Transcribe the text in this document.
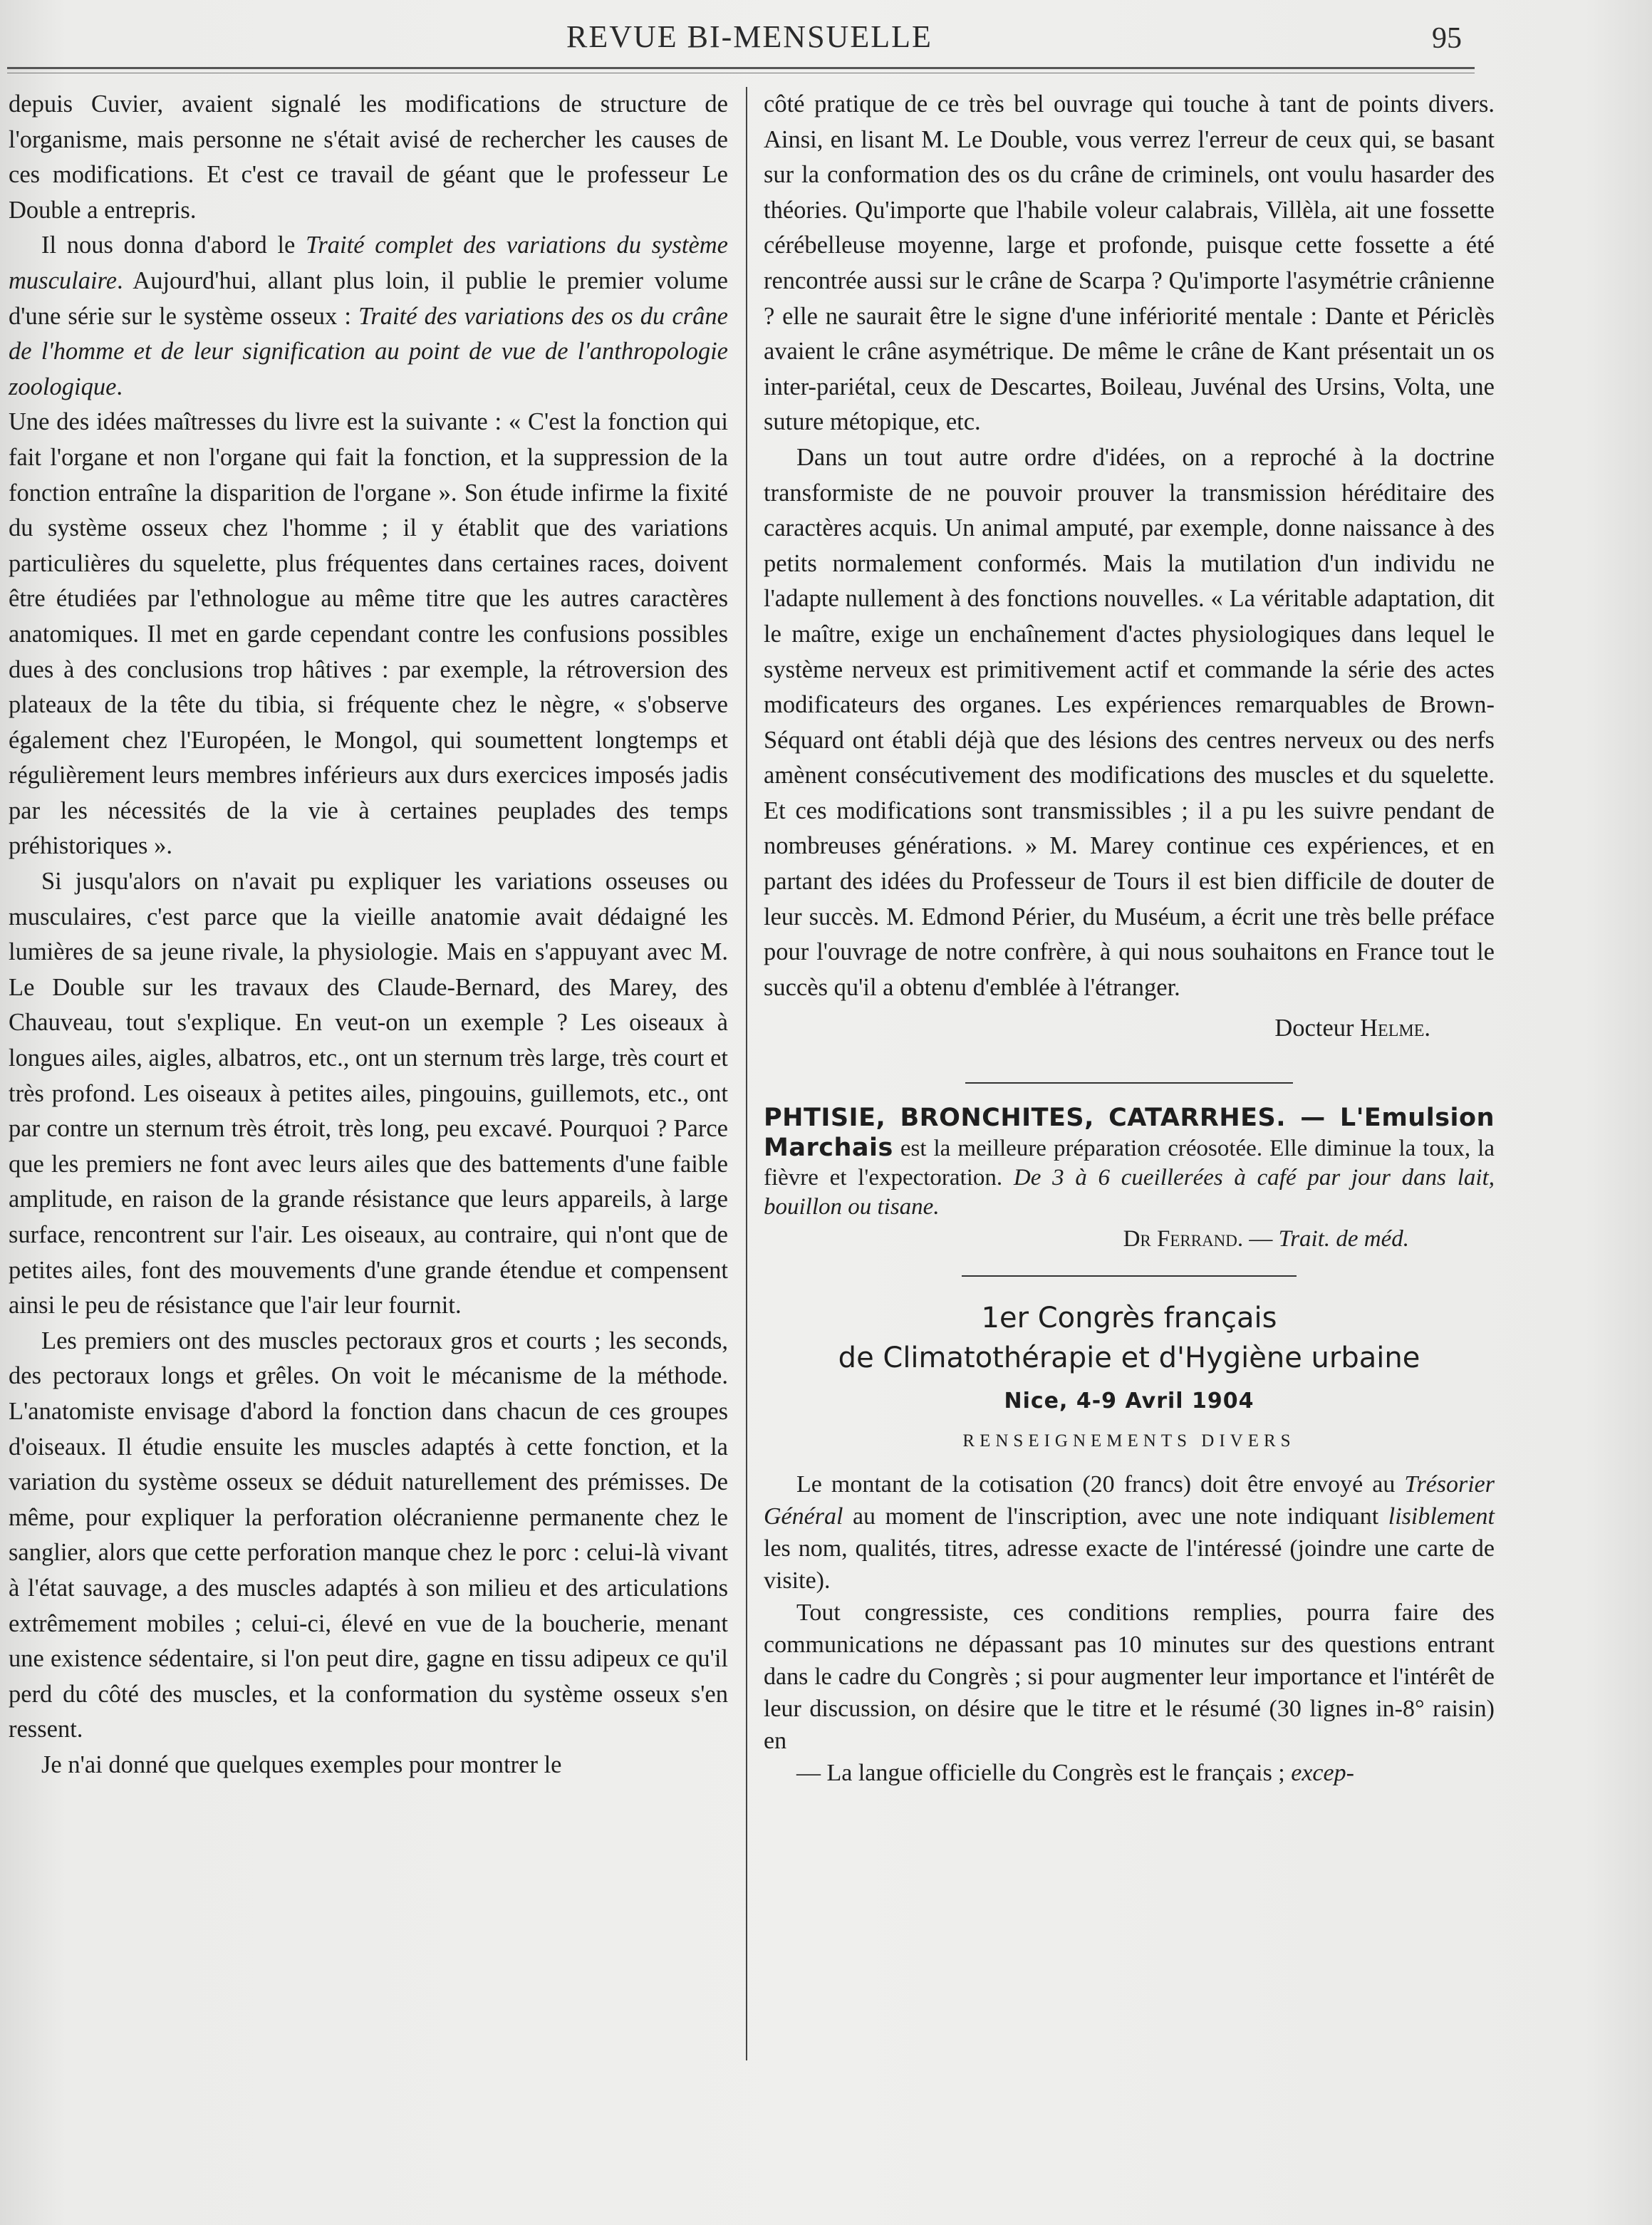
REVUE BI-MENSUELLE	95

depuis Cuvier, avaient signalé les modifications de structure de l'organisme, mais personne ne s'était avisé de rechercher les causes de ces modifications. Et c'est ce travail de géant que le professeur Le Double a entrepris.

Il nous donna d'abord le Traité complet des variations du système musculaire. Aujourd'hui, allant plus loin, il publie le premier volume d'une série sur le système osseux : Traité des variations des os du crâne de l'homme et de leur signification au point de vue de l'anthropologie zoologique.

Une des idées maîtresses du livre est la suivante : « C'est la fonction qui fait l'organe et non l'organe qui fait la fonction, et la suppression de la fonction entraîne la disparition de l'organe ». Son étude infirme la fixité du système osseux chez l'homme ; il y établit que des variations particulières du squelette, plus fréquentes dans certaines races, doivent être étudiées par l'ethnologue au même titre que les autres caractères anatomiques. Il met en garde cependant contre les confusions possibles dues à des conclusions trop hâtives : par exemple, la rétroversion des plateaux de la tête du tibia, si fréquente chez le nègre, « s'observe également chez l'Européen, le Mongol, qui soumettent longtemps et régulièrement leurs membres inférieurs aux durs exercices imposés jadis par les nécessités de la vie à certaines peuplades des temps préhistoriques ».

Si jusqu'alors on n'avait pu expliquer les variations osseuses ou musculaires, c'est parce que la vieille anatomie avait dédaigné les lumières de sa jeune rivale, la physiologie. Mais en s'appuyant avec M. Le Double sur les travaux des Claude-Bernard, des Marey, des Chauveau, tout s'explique. En veut-on un exemple ? Les oiseaux à longues ailes, aigles, albatros, etc., ont un sternum très large, très court et très profond. Les oiseaux à petites ailes, pingouins, guillemots, etc., ont par contre un sternum très étroit, très long, peu excavé. Pourquoi ? Parce que les premiers ne font avec leurs ailes que des battements d'une faible amplitude, en raison de la grande résistance que leurs appareils, à large surface, rencontrent sur l'air. Les oiseaux, au contraire, qui n'ont que de petites ailes, font des mouvements d'une grande étendue et compensent ainsi le peu de résistance que l'air leur fournit.

Les premiers ont des muscles pectoraux gros et courts ; les seconds, des pectoraux longs et grêles. On voit le mécanisme de la méthode. L'anatomiste envisage d'abord la fonction dans chacun de ces groupes d'oiseaux. Il étudie ensuite les muscles adaptés à cette fonction, et la variation du système osseux se déduit naturellement des prémisses. De même, pour expliquer la perforation olécranienne permanente chez le sanglier, alors que cette perforation manque chez le porc : celui-là vivant à l'état sauvage, a des muscles adaptés à son milieu et des articulations extrêmement mobiles ; celui-ci, élevé en vue de la boucherie, menant une existence sédentaire, si l'on peut dire, gagne en tissu adipeux ce qu'il perd du côté des muscles, et la conformation du système osseux s'en ressent.

Je n'ai donné que quelques exemples pour montrer le

côté pratique de ce très bel ouvrage qui touche à tant de points divers. Ainsi, en lisant M. Le Double, vous verrez l'erreur de ceux qui, se basant sur la conformation des os du crâne de criminels, ont voulu hasarder des théories. Qu'importe que l'habile voleur calabrais, Villèla, ait une fossette cérébelleuse moyenne, large et profonde, puisque cette fossette a été rencontrée aussi sur le crâne de Scarpa ? Qu'importe l'asymétrie crânienne ? elle ne saurait être le signe d'une infériorité mentale : Dante et Périclès avaient le crâne asymétrique. De même le crâne de Kant présentait un os inter-pariétal, ceux de Descartes, Boileau, Juvénal des Ursins, Volta, une suture métopique, etc.

Dans un tout autre ordre d'idées, on a reproché à la doctrine transformiste de ne pouvoir prouver la transmission héréditaire des caractères acquis. Un animal amputé, par exemple, donne naissance à des petits normalement conformés. Mais la mutilation d'un individu ne l'adapte nullement à des fonctions nouvelles. « La véritable adaptation, dit le maître, exige un enchaînement d'actes physiologiques dans lequel le système nerveux est primitivement actif et commande la série des actes modificateurs des organes. Les expériences remarquables de Brown-Séquard ont établi déjà que des lésions des centres nerveux ou des nerfs amènent consécutivement des modifications des muscles et du squelette. Et ces modifications sont transmissibles ; il a pu les suivre pendant de nombreuses générations. » M. Marey continue ces expériences, et en partant des idées du Professeur de Tours il est bien difficile de douter de leur succès. M. Edmond Périer, du Muséum, a écrit une très belle préface pour l'ouvrage de notre confrère, à qui nous souhaitons en France tout le succès qu'il a obtenu d'emblée à l'étranger.

Docteur Helme.

PHTISIE, BRONCHITES, CATARRHES. — L'Emulsion Marchais est la meilleure préparation créosotée. Elle diminue la toux, la fièvre et l'expectoration. De 3 à 6 cueillerées à café par jour dans lait, bouillon ou tisane.
Dr Ferrand. — Trait. de méd.
1er Congrès français
de Climatothérapie et d'Hygiène urbaine
Nice, 4-9 Avril 1904
RENSEIGNEMENTS DIVERS

Le montant de la cotisation (20 francs) doit être envoyé au Trésorier Général au moment de l'inscription, avec une note indiquant lisiblement les nom, qualités, titres, adresse exacte de l'intéressé (joindre une carte de visite).

Tout congressiste, ces conditions remplies, pourra faire des communications ne dépassant pas 10 minutes sur des questions entrant dans le cadre du Congrès ; si pour augmenter leur importance et l'intérêt de leur discussion, on désire que le titre et le résumé (30 lignes in-8° raisin) en

— La langue officielle du Congrès est le français ; excep-
